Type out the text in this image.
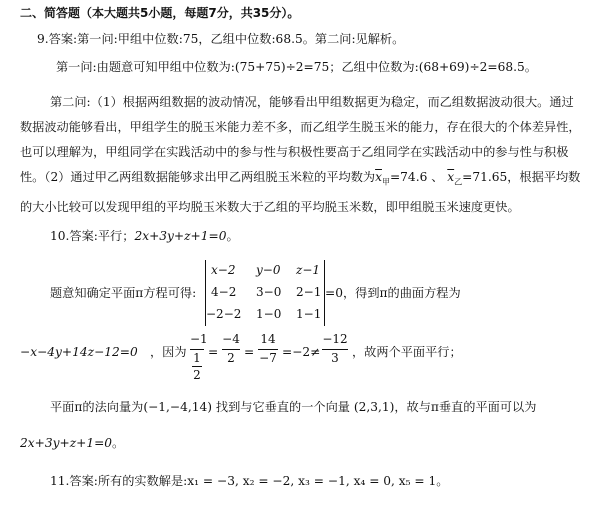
二、简答题（本大题共5小题，每题7分，共35分）。
9.答案:第一问:甲组中位数:75，乙组中位数:68.5。第二问:见解析。
第一问:由题意可知甲组中位数为:(75+75)÷2=75；乙组中位数为:(68+69)÷2=68.5。
第二问:（1）根据两组数据的波动情况，能够看出甲组数据更为稳定，而乙组数据波动很大。通过
数据波动能够看出，甲组学生的脱玉米能力差不多，而乙组学生脱玉米的能力，存在很大的个体差异性，
也可以理解为，甲组同学在实践活动中的参与性与积极性要高于乙组同学在实践活动中的参与性与积极
性。（2）通过甲乙两组数据能够求出甲乙两组脱玉米粒的平均数为$\overline{x}_甲=74.6$ 、 $\overline{x}_乙=71.65$，根据平均数
的大小比较可以发现甲组的平均脱玉米数大于乙组的平均脱玉米数，即甲组脱玉米速度更快。
10.答案:平行；2x+3y+z+1=0。
题意知确定平面π方程可得:
x−2 y−0 z−1
4−2 3−0 2−1
−2−2 1−0 1−1
=0，得到π的曲面方程为
−x−4y+14z−12=0 ，因为
−1
1
2
=
−4
2 =
14
−7 =−2≠
−12
3	，故两个平面平行；
平面π的法向量为(−1,−4,14) 找到与它垂直的一个向量 (2,3,1)，故与π垂直的平面可以为
2x+3y+z+1=0。
11.答案:所有的实数解是:x₁ = −3, x₂ = −2, x₃ = −1, x₄ = 0, x₅ = 1。
